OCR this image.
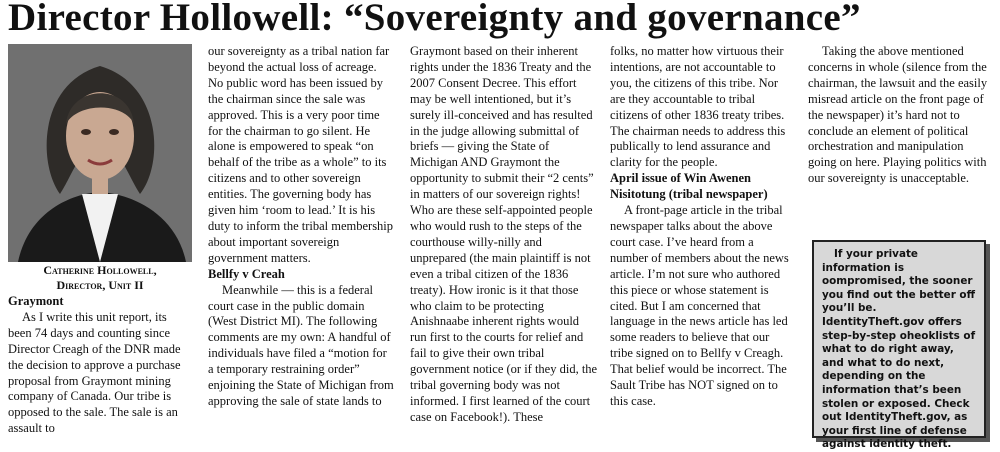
Director Hollowell: “Sovereignty and governance”
Catherine Hollowell,
Director, Unit II

Graymont

As I write this unit report, its been 74 days and counting since Director Creagh of the DNR made the decision to approve a purchase proposal from Graymont mining company of Canada. Our tribe is opposed to the sale. The sale is an assault to

our sovereignty as a tribal nation far beyond the actual loss of acreage. No public word has been issued by the chairman since the sale was approved. This is a very poor time for the chairman to go silent. He alone is empowered to speak “on behalf of the tribe as a whole” to its citizens and to other sovereign entities. The governing body has given him ‘room to lead.’ It is his duty to inform the tribal membership about important sovereign government matters.

Bellfy v Creah

Meanwhile — this is a federal court case in the public domain (West District MI). The following comments are my own: A handful of individuals have filed a “motion for a temporary restraining order” enjoining the State of Michigan from approving the sale of state lands to

Graymont based on their inherent rights under the 1836 Treaty and the 2007 Consent Decree. This effort may be well intentioned, but it’s surely ill-conceived and has resulted in the judge allowing submittal of briefs — giving the State of Michigan AND Graymont the opportunity to submit their “2 cents” in matters of our sovereign rights! Who are these self-appointed people who would rush to the steps of the courthouse willy-nilly and unprepared (the main plaintiff is not even a tribal citizen of the 1836 treaty). How ironic is it that those who claim to be protecting Anishnaabe inherent rights would run first to the courts for relief and fail to give their own tribal government notice (or if they did, the tribal governing body was not informed. I first learned of the court case on Facebook!). These

folks, no matter how virtuous their intentions, are not accountable to you, the citizens of this tribe. Nor are they accountable to tribal citizens of other 1836 treaty tribes. The chairman needs to address this publically to lend assurance and clarity for the people.

April issue of Win Awenen Nisitotung (tribal newspaper)

A front-page article in the tribal newspaper talks about the above court case. I’ve heard from a number of members about the news article. I’m not sure who authored this piece or whose statement is cited. But I am concerned that language in the news article has led some readers to believe that our tribe signed on to Bellfy v Creagh. That belief would be incorrect. The Sault Tribe has NOT signed on to this case.

Taking the above mentioned concerns in whole (silence from the chairman, the lawsuit and the easily misread article on the front page of the newspaper) it’s hard not to conclude an element of political orchestration and manipulation going on here. Playing politics with our sovereignty is unacceptable.

If your private information is oompromised, the sooner you find out the better off you’ll be. IdentityTheft.gov offers step-by-step oheoklists of what to do right away, and what to do next, depending on the information that’s been stolen or exposed. Check out IdentityTheft.gov, as your first line of defense against identity theft.
